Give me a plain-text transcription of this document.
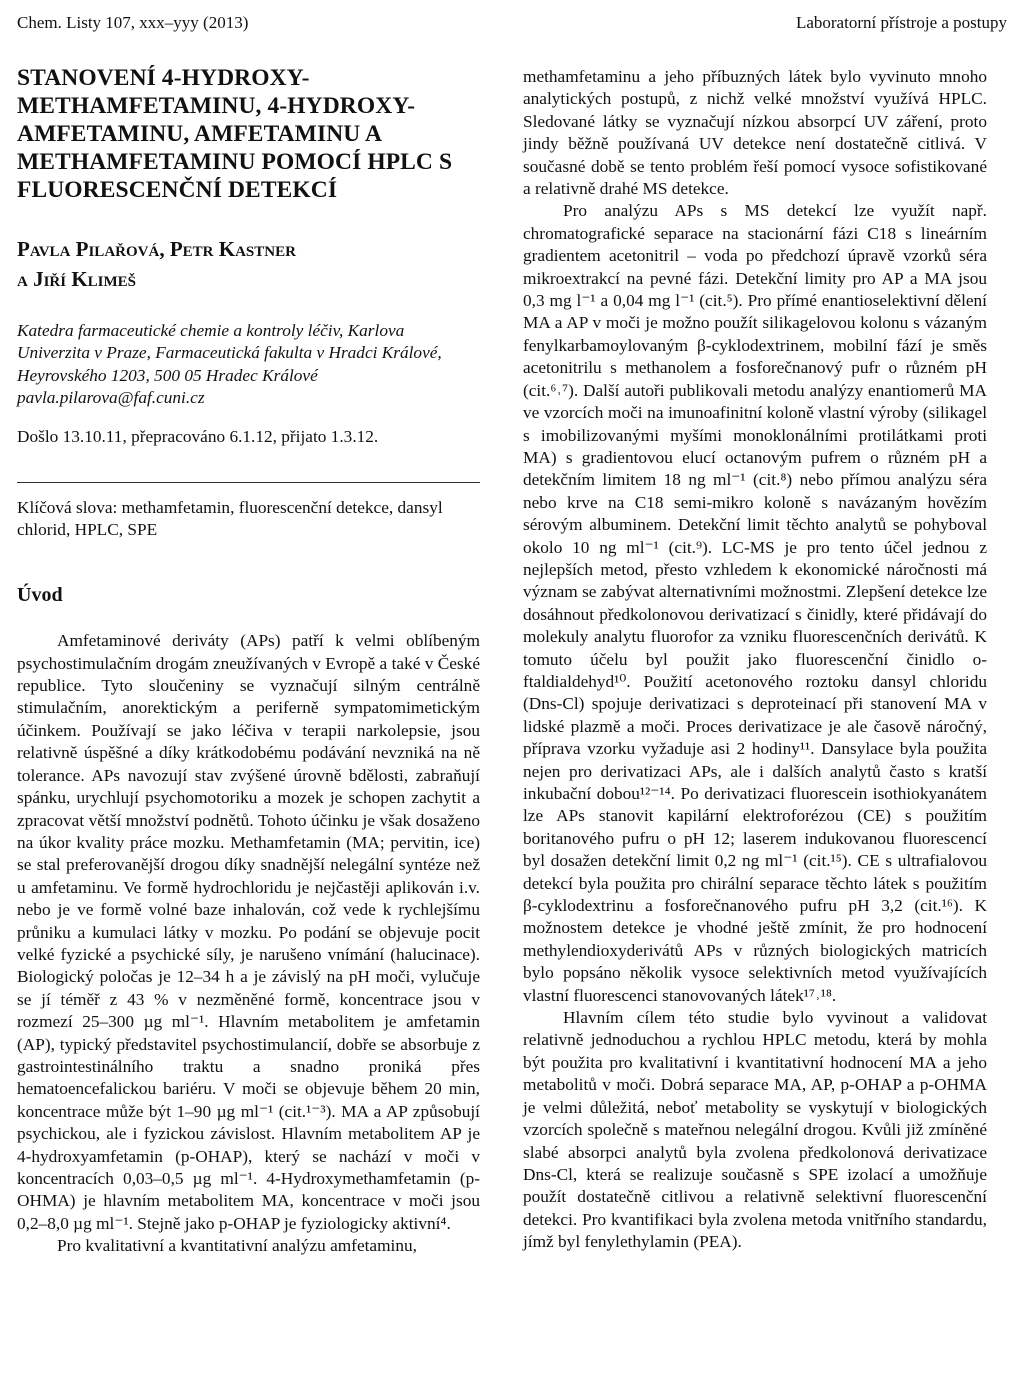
Chem. Listy 107, xxx–yyy (2013)	Laboratorní přístroje a postupy
STANOVENÍ 4-HYDROXY-METHAMFETAMINU, 4-HYDROXY-AMFETAMINU, AMFETAMINU A METHAMFETAMINU POMOCÍ HPLC S FLUORESCENČNÍ DETEKCÍ
Pavla Pilařová, Petr Kastner
a Jiří Klimeš
Katedra farmaceutické chemie a kontroly léčiv, Karlova Univerzita v Praze, Farmaceutická fakulta v Hradci Králové, Heyrovského 1203, 500 05 Hradec Králové
pavla.pilarova@faf.cuni.cz
Došlo 13.10.11, přepracováno 6.1.12, přijato 1.3.12.
Klíčová slova: methamfetamin, fluorescenční detekce, dansyl chlorid, HPLC, SPE
Úvod

Amfetaminové deriváty (APs) patří k velmi oblíbeným psychostimulačním drogám zneužívaných v Evropě a také v České republice. Tyto sloučeniny se vyznačují silným centrálně stimulačním, anorektickým a periferně sympatomimetickým účinkem. Používají se jako léčiva v terapii narkolepsie, jsou relativně úspěšné a díky krátkodobému podávání nevzniká na ně tolerance. APs navozují stav zvýšené úrovně bdělosti, zabraňují spánku, urychlují psychomotoriku a mozek je schopen zachytit a zpracovat větší množství podnětů. Tohoto účinku je však dosaženo na úkor kvality práce mozku. Methamfetamin (MA; pervitin, ice) se stal preferovanější drogou díky snadnější nelegální syntéze než u amfetaminu. Ve formě hydrochloridu je nejčastěji aplikován i.v. nebo je ve formě volné baze inhalován, což vede k rychlejšímu průniku a kumulaci látky v mozku. Po podání se objevuje pocit velké fyzické a psychické síly, je narušeno vnímání (halucinace). Biologický poločas je 12–34 h a je závislý na pH moči, vylučuje se jí téměř z 43 % v nezměněné formě, koncentrace jsou v rozmezí 25–300 µg ml⁻¹. Hlavním metabolitem je amfetamin (AP), typický představitel psychostimulancií, dobře se absorbuje z gastrointestinálního traktu a snadno proniká přes hematoencefalickou bariéru. V moči se objevuje během 20 min, koncentrace může být 1–90 µg ml⁻¹ (cit.¹⁻³). MA a AP způsobují psychickou, ale i fyzickou závislost. Hlavním metabolitem AP je 4-hydroxyamfetamin (p-OHAP), který se nachází v moči v koncentracích 0,03–0,5 µg ml⁻¹. 4-Hydroxymethamfetamin (p-OHMA) je hlavním metabolitem MA, koncentrace v moči jsou 0,2–8,0 µg ml⁻¹. Stejně jako p-OHAP je fyziologicky aktivní⁴.

Pro kvalitativní a kvantitativní analýzu amfetaminu,

methamfetaminu a jeho příbuzných látek bylo vyvinuto mnoho analytických postupů, z nichž velké množství využívá HPLC. Sledované látky se vyznačují nízkou absorpcí UV záření, proto jindy běžně používaná UV detekce není dostatečně citlivá. V současné době se tento problém řeší pomocí vysoce sofistikované a relativně drahé MS detekce.

Pro analýzu APs s MS detekcí lze využít např. chromatografické separace na stacionární fázi C18 s lineárním gradientem acetonitril – voda po předchozí úpravě vzorků séra mikroextrakcí na pevné fázi. Detekční limity pro AP a MA jsou 0,3 mg l⁻¹ a 0,04 mg l⁻¹ (cit.⁵). Pro přímé enantioselektivní dělení MA a AP v moči je možno použít silikagelovou kolonu s vázaným fenylkarbamoylovaným β-cyklodextrinem, mobilní fází je směs acetonitrilu s methanolem a fosforečnanový pufr o různém pH (cit.⁶˒⁷). Další autoři publikovali metodu analýzy enantiomerů MA ve vzorcích moči na imunoafinitní koloně vlastní výroby (silikagel s imobilizovanými myšími monoklonálními protilátkami proti MA) s gradientovou elucí octanovým pufrem o různém pH a detekčním limitem 18 ng ml⁻¹ (cit.⁸) nebo přímou analýzu séra nebo krve na C18 semi-mikro koloně s navázaným hovězím sérovým albuminem. Detekční limit těchto analytů se pohyboval okolo 10 ng ml⁻¹ (cit.⁹). LC-MS je pro tento účel jednou z nejlepších metod, přesto vzhledem k ekonomické náročnosti má význam se zabývat alternativními možnostmi. Zlepšení detekce lze dosáhnout předkolonovou derivatizací s činidly, které přidávají do molekuly analytu fluorofor za vzniku fluorescenčních derivátů. K tomuto účelu byl použit jako fluorescenční činidlo o-ftaldialdehyd¹⁰. Použití acetonového roztoku dansyl chloridu (Dns-Cl) spojuje derivatizaci s deproteinací při stanovení MA v lidské plazmě a moči. Proces derivatizace je ale časově náročný, příprava vzorku vyžaduje asi 2 hodiny¹¹. Dansylace byla použita nejen pro derivatizaci APs, ale i dalších analytů často s kratší inkubační dobou¹²⁻¹⁴. Po derivatizaci fluorescein isothiokyanátem lze APs stanovit kapilární elektroforézou (CE) s použitím boritanového pufru o pH 12; laserem indukovanou fluorescencí byl dosažen detekční limit 0,2 ng ml⁻¹ (cit.¹⁵). CE s ultrafialovou detekcí byla použita pro chirální separace těchto látek s použitím β-cyklodextrinu a fosforečnanového pufru pH 3,2 (cit.¹⁶). K možnostem detekce je vhodné ještě zmínit, že pro hodnocení methylendioxyderivátů APs v různých biologických matricích bylo popsáno několik vysoce selektivních metod využívajících vlastní fluorescenci stanovovaných látek¹⁷˒¹⁸.

Hlavním cílem této studie bylo vyvinout a validovat relativně jednoduchou a rychlou HPLC metodu, která by mohla být použita pro kvalitativní i kvantitativní hodnocení MA a jeho metabolitů v moči. Dobrá separace MA, AP, p-OHAP a p-OHMA je velmi důležitá, neboť metabolity se vyskytují v biologických vzorcích společně s mateřnou nelegální drogou. Kvůli již zmíněné slabé absorpci analytů byla zvolena předkolonová derivatizace Dns-Cl, která se realizuje současně s SPE izolací a umožňuje použít dostatečně citlivou a relativně selektivní fluorescenční detekci. Pro kvantifikaci byla zvolena metoda vnitřního standardu, jímž byl fenylethylamin (PEA).
